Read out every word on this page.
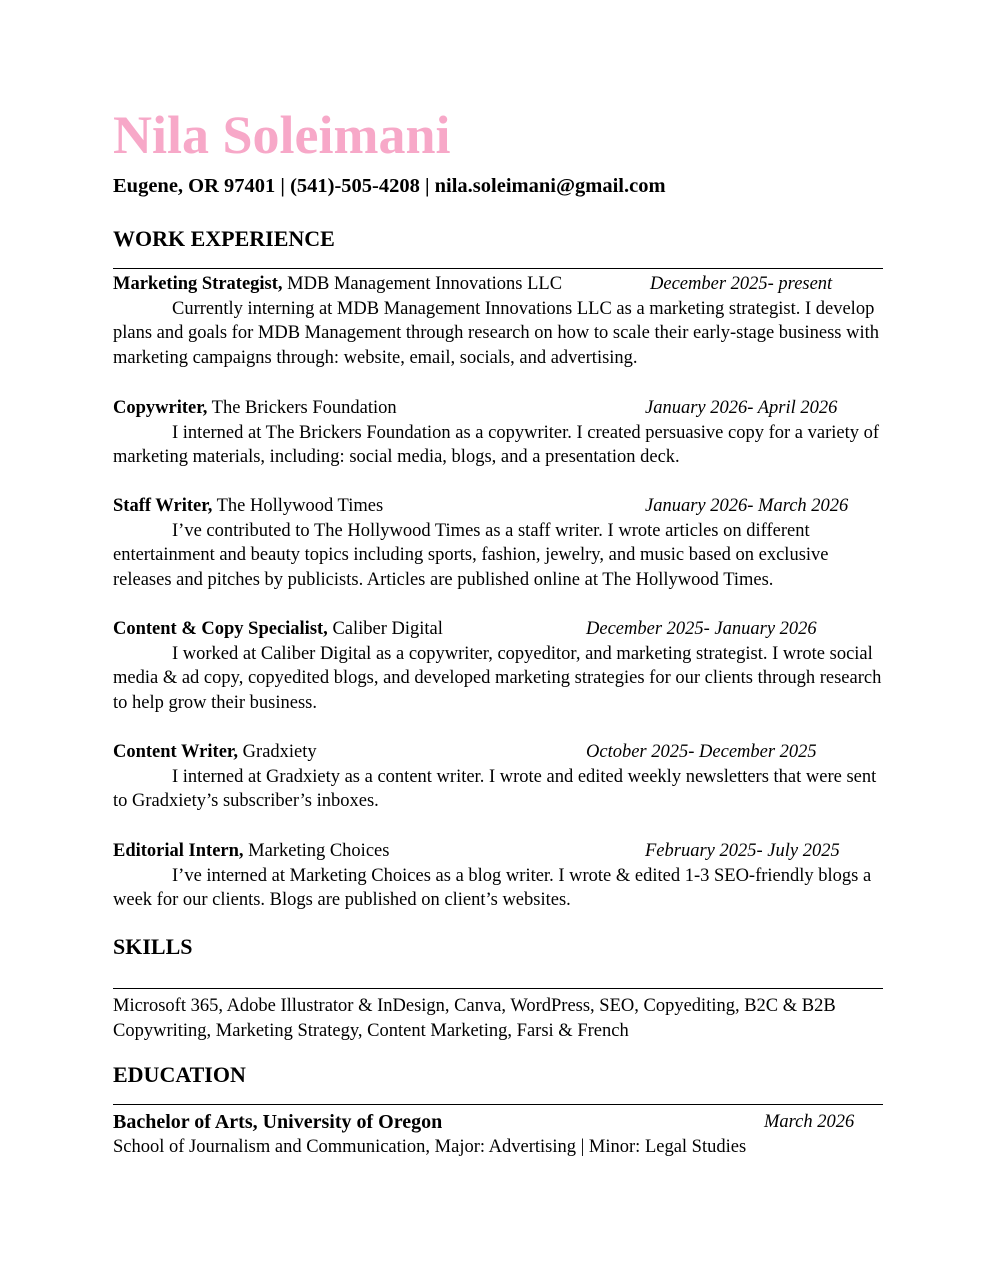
Nila Soleimani
Eugene, OR 97401 | (541)-505-4208 | nila.soleimani@gmail.com
WORK EXPERIENCE
Marketing Strategist, MDB Management Innovations LLC	December 2025- present

Currently interning at MDB Management Innovations LLC as a marketing strategist. I develop plans and goals for MDB Management through research on how to scale their early-stage business with marketing campaigns through: website, email, socials, and advertising.

Copywriter, The Brickers Foundation	January 2026- April 2026

I interned at The Brickers Foundation as a copywriter. I created persuasive copy for a variety of marketing materials, including: social media, blogs, and a presentation deck.

Staff Writer, The Hollywood Times	January 2026- March 2026

I’ve contributed to The Hollywood Times as a staff writer. I wrote articles on different entertainment and beauty topics including sports, fashion, jewelry, and music based on exclusive releases and pitches by publicists. Articles are published online at The Hollywood Times.

Content & Copy Specialist, Caliber Digital	December 2025- January 2026

I worked at Caliber Digital as a copywriter, copyeditor, and marketing strategist. I wrote social media & ad copy, copyedited blogs, and developed marketing strategies for our clients through research to help grow their business.

Content Writer, Gradxiety	October 2025- December 2025

I interned at Gradxiety as a content writer. I wrote and edited weekly newsletters that were sent to Gradxiety’s subscriber’s inboxes.

Editorial Intern, Marketing Choices	February 2025- July 2025

I’ve interned at Marketing Choices as a blog writer. I wrote & edited 1-3 SEO-friendly blogs a week for our clients. Blogs are published on client’s websites.

SKILLS

Microsoft 365, Adobe Illustrator & InDesign, Canva, WordPress, SEO, Copyediting, B2C & B2B Copywriting, Marketing Strategy, Content Marketing, Farsi & French

EDUCATION
Bachelor of Arts, University of Oregon	March 2026
School of Journalism and Communication, Major: Advertising | Minor: Legal Studies
